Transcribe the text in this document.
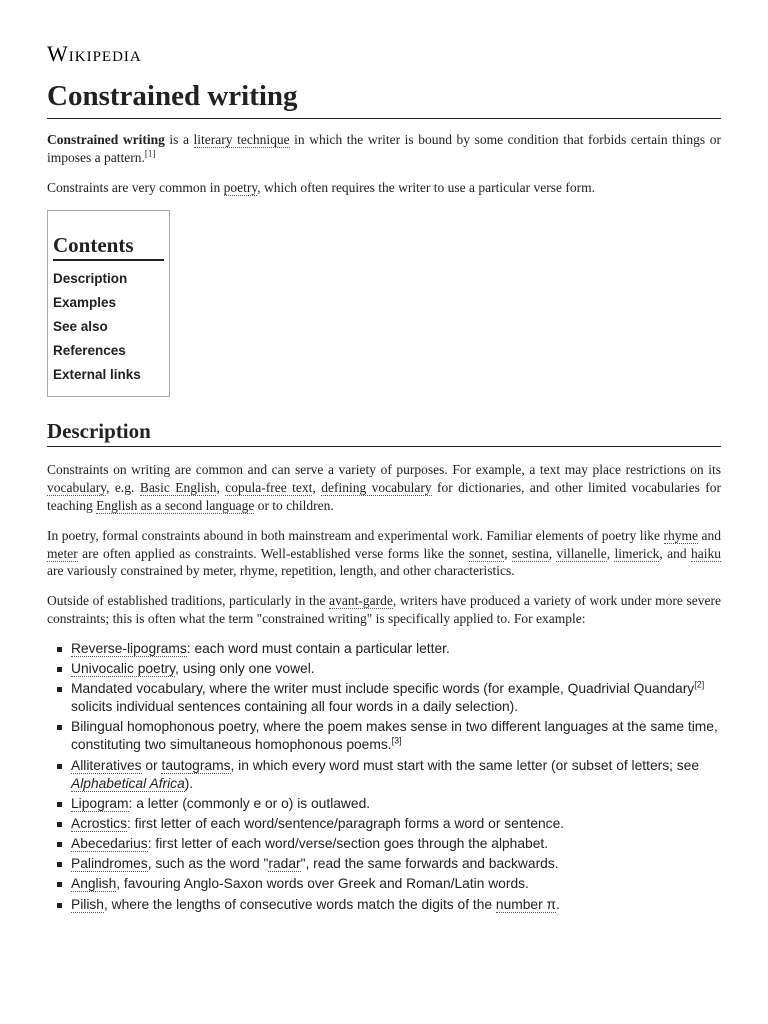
Wikipedia
Constrained writing

Constrained writing is a literary technique in which the writer is bound by some condition that forbids certain things or imposes a pattern.[1]

Constraints are very common in poetry, which often requires the writer to use a particular verse form.

Contents
Description
Examples
See also
References
External links
Description

Constraints on writing are common and can serve a variety of purposes. For example, a text may place restrictions on its vocabulary, e.g. Basic English, copula-free text, defining vocabulary for dictionaries, and other limited vocabularies for teaching English as a second language or to children.

In poetry, formal constraints abound in both mainstream and experimental work. Familiar elements of poetry like rhyme and meter are often applied as constraints. Well-established verse forms like the sonnet, sestina, villanelle, limerick, and haiku are variously constrained by meter, rhyme, repetition, length, and other characteristics.

Outside of established traditions, particularly in the avant-garde, writers have produced a variety of work under more severe constraints; this is often what the term "constrained writing" is specifically applied to. For example:

Reverse-lipograms: each word must contain a particular letter.
Univocalic poetry, using only one vowel.
Mandated vocabulary, where the writer must include specific words (for example, Quadrivial Quandary[2] solicits individual sentences containing all four words in a daily selection).
Bilingual homophonous poetry, where the poem makes sense in two different languages at the same time, constituting two simultaneous homophonous poems.[3]
Alliteratives or tautograms, in which every word must start with the same letter (or subset of letters; see Alphabetical Africa).
Lipogram: a letter (commonly e or o) is outlawed.
Acrostics: first letter of each word/sentence/paragraph forms a word or sentence.
Abecedarius: first letter of each word/verse/section goes through the alphabet.
Palindromes, such as the word "radar", read the same forwards and backwards.
Anglish, favouring Anglo-Saxon words over Greek and Roman/Latin words.
Pilish, where the lengths of consecutive words match the digits of the number π.
